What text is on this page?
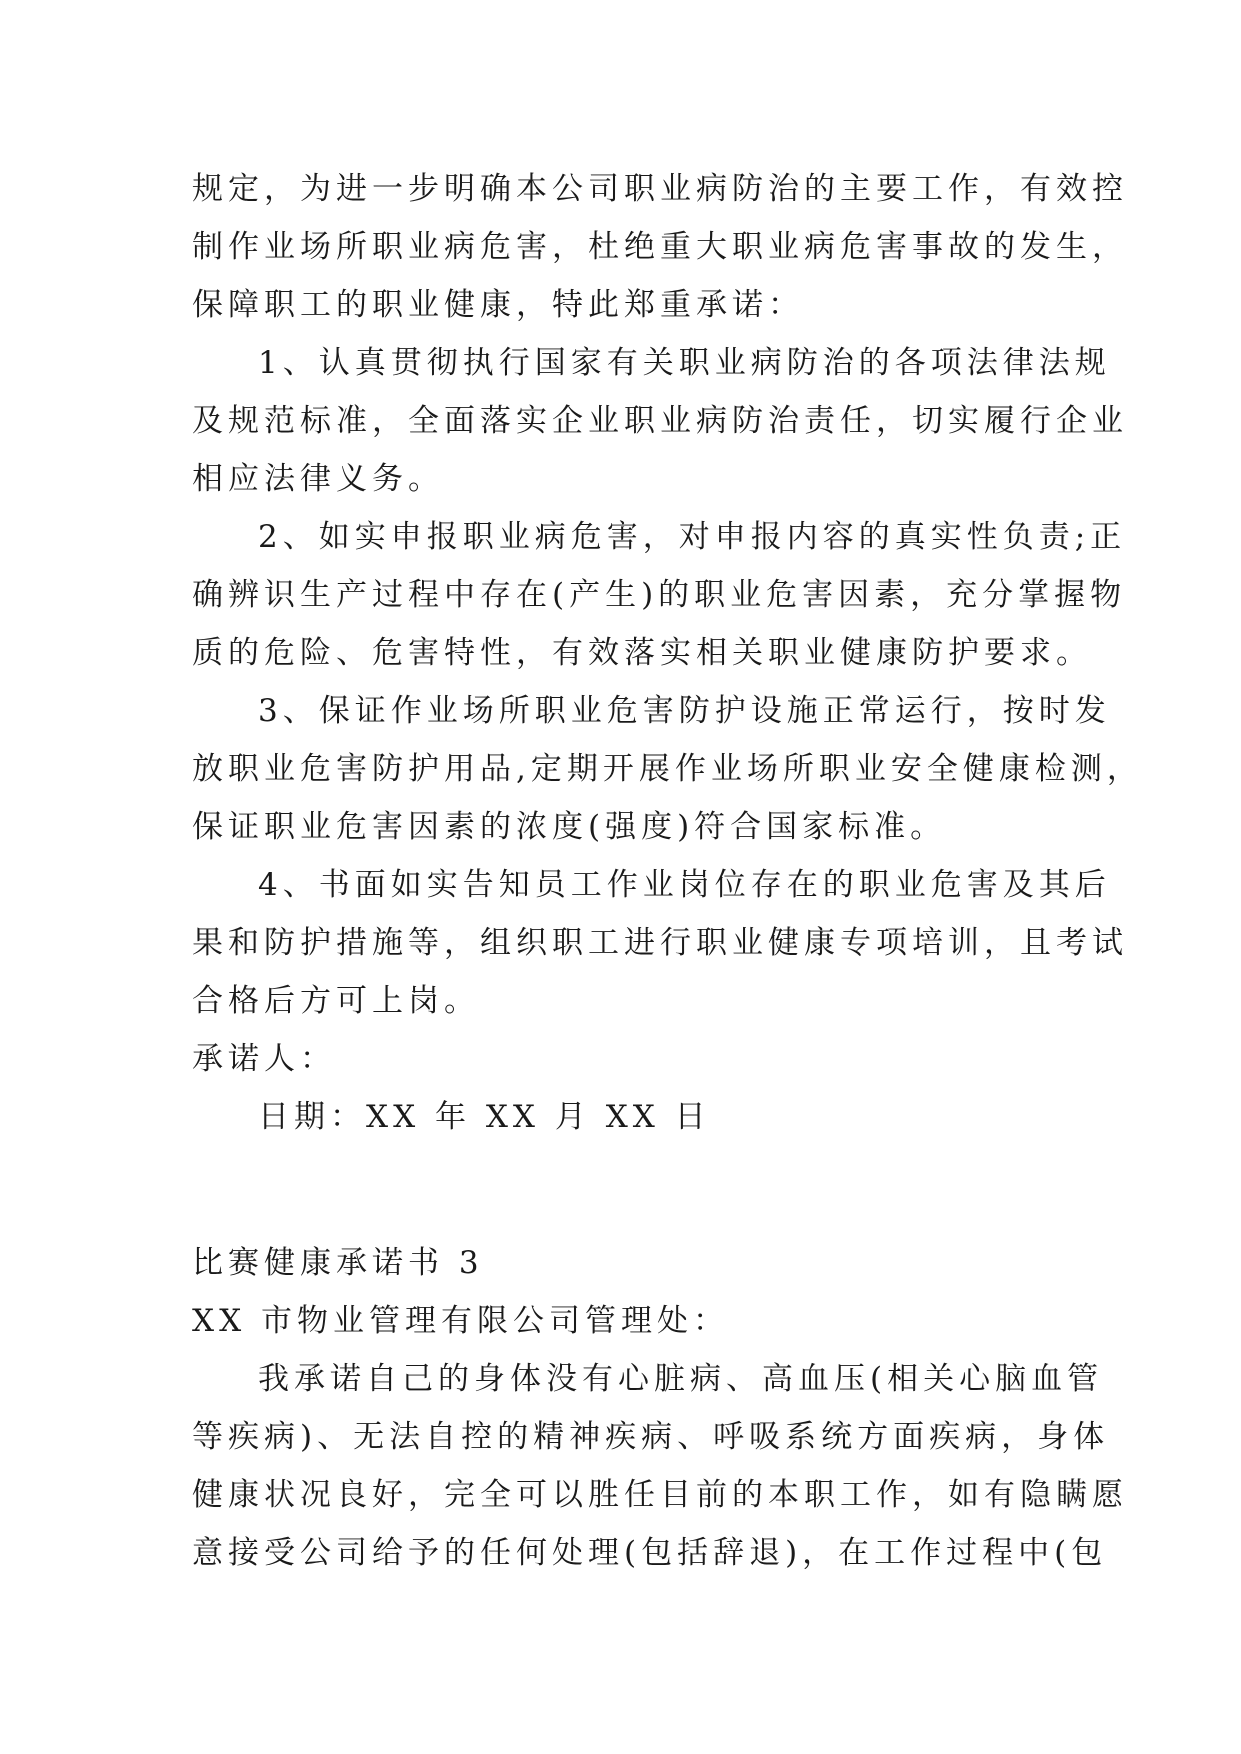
规定，为进一步明确本公司职业病防治的主要工作，有效控

制作业场所职业病危害，杜绝重大职业病危害事故的发生，

保障职工的职业健康，特此郑重承诺：

1、认真贯彻执行国家有关职业病防治的各项法律法规

及规范标准，全面落实企业职业病防治责任，切实履行企业

相应法律义务。

2、如实申报职业病危害，对申报内容的真实性负责;正

确辨识生产过程中存在(产生)的职业危害因素，充分掌握物

质的危险、危害特性，有效落实相关职业健康防护要求。

3、保证作业场所职业危害防护设施正常运行，按时发

放职业危害防护用品,定期开展作业场所职业安全健康检测，

保证职业危害因素的浓度(强度)符合国家标准。

4、书面如实告知员工作业岗位存在的职业危害及其后

果和防护措施等，组织职工进行职业健康专项培训，且考试

合格后方可上岗。

承诺人：

日期：XX 年 XX 月 XX 日

比赛健康承诺书 3

XX 市物业管理有限公司管理处：

我承诺自己的身体没有心脏病、高血压(相关心脑血管

等疾病)、无法自控的精神疾病、呼吸系统方面疾病，身体

健康状况良好，完全可以胜任目前的本职工作，如有隐瞒愿

意接受公司给予的任何处理(包括辞退)，在工作过程中(包
